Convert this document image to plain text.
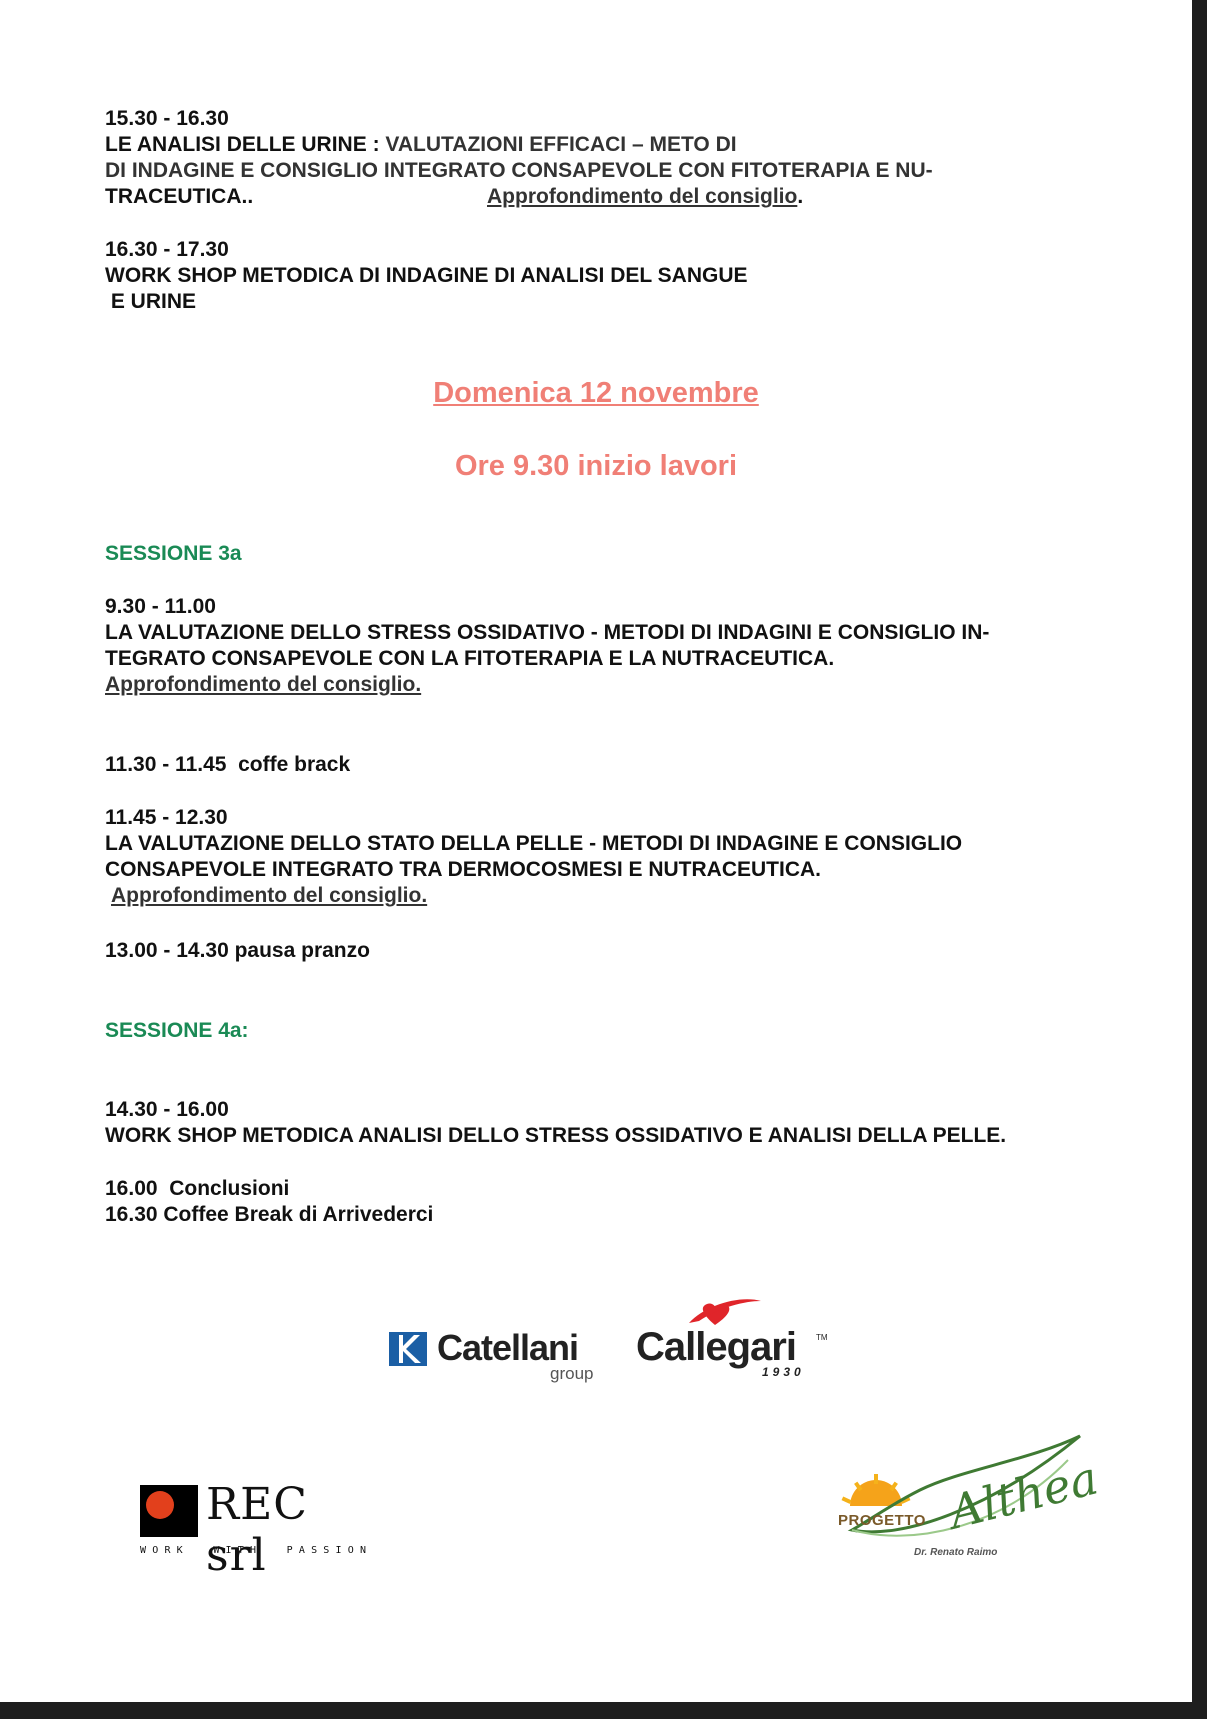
15.30 - 16.30

LE ANALISI DELLE URINE : VALUTAZIONI EFFICACI – METO DI

DI INDAGINE E CONSIGLIO INTEGRATO CONSAPEVOLE CON FITOTERAPIA E NU-

TRACEUTICA..	Approfondimento del consiglio.

16.30 - 17.30

WORK SHOP METODICA DI INDAGINE DI ANALISI DEL SANGUE

E URINE

Domenica 12 novembre

Ore 9.30 inizio lavori

SESSIONE 3a

9.30 - 11.00

LA VALUTAZIONE DELLO STRESS OSSIDATIVO - METODI DI INDAGINI E CONSIGLIO IN-

TEGRATO CONSAPEVOLE CON LA FITOTERAPIA E LA NUTRACEUTICA.

Approfondimento del consiglio.

11.30 - 11.45  coffe brack

11.45 - 12.30

LA VALUTAZIONE DELLO STATO DELLA PELLE - METODI DI INDAGINE E CONSIGLIO

CONSAPEVOLE INTEGRATO TRA DERMOCOSMESI E NUTRACEUTICA.

Approfondimento del consiglio.

13.00 - 14.30 pausa pranzo

SESSIONE 4a:

14.30 - 16.00

WORK SHOP METODICA ANALISI DELLO STRESS OSSIDATIVO E ANALISI DELLA PELLE.

16.00  Conclusioni

16.30 Coffee Break di Arrivederci

Catellani
group
Callegari	TM
1930
REC srl
WORK  WITH  PASSION
PROGETTO Althea
Dr. Renato Raimo
